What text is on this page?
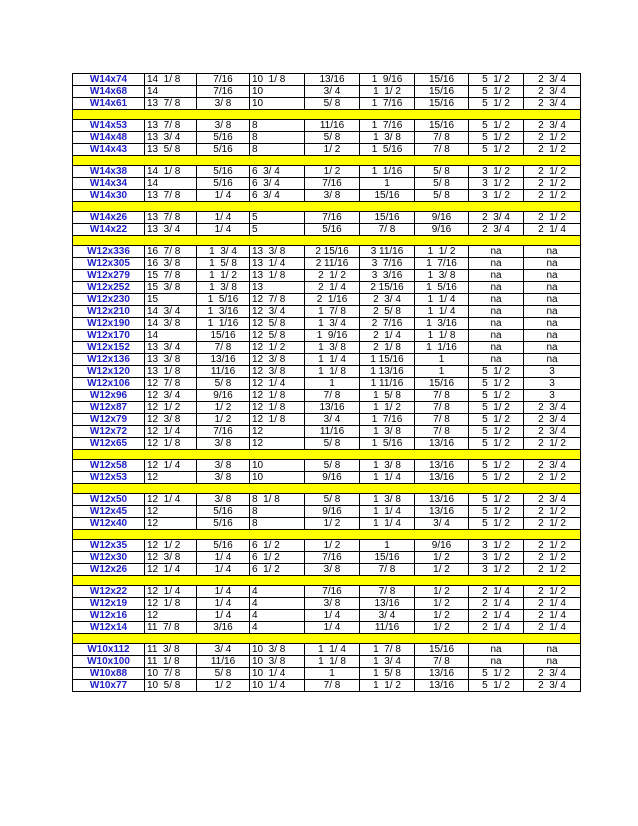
W14x74	14  1/ 8	7/16	10  1/ 8	13/16	1  9/16	15/16	5  1/ 2	2  3/ 4
W14x68	14	7/16	10	3/ 4	1  1/ 2	15/16	5  1/ 2	2  3/ 4
W14x61	13  7/ 8	3/ 8	10	5/ 8	1  7/16	15/16	5  1/ 2	2  3/ 4

W14x53	13  7/ 8	3/ 8	8	11/16	1  7/16	15/16	5  1/ 2	2  3/ 4
W14x48	13  3/ 4	5/16	8	5/ 8	1  3/ 8	7/ 8	5  1/ 2	2  1/ 2
W14x43	13  5/ 8	5/16	8	1/ 2	1  5/16	7/ 8	5  1/ 2	2  1/ 2

W14x38	14  1/ 8	5/16	6  3/ 4	1/ 2	1  1/16	5/ 8	3  1/ 2	2  1/ 2
W14x34	14	5/16	6  3/ 4	7/16	1	5/ 8	3  1/ 2	2  1/ 2
W14x30	13  7/ 8	1/ 4	6  3/ 4	3/ 8	15/16	5/ 8	3  1/ 2	2  1/ 2

W14x26	13  7/ 8	1/ 4	5	7/16	15/16	9/16	2  3/ 4	2  1/ 2
W14x22	13  3/ 4	1/ 4	5	5/16	7/ 8	9/16	2  3/ 4	2  1/ 4

W12x336	16  7/ 8	1  3/ 4	13  3/ 8	2 15/16	3 11/16	1  1/ 2	na	na
W12x305	16  3/ 8	1  5/ 8	13  1/ 4	2 11/16	3  7/16	1  7/16	na	na
W12x279	15  7/ 8	1  1/ 2	13  1/ 8	2  1/ 2	3  3/16	1  3/ 8	na	na
W12x252	15  3/ 8	1  3/ 8	13	2  1/ 4	2 15/16	1  5/16	na	na
W12x230	15	1  5/16	12  7/ 8	2  1/16	2  3/ 4	1  1/ 4	na	na
W12x210	14  3/ 4	1  3/16	12  3/ 4	1  7/ 8	2  5/ 8	1  1/ 4	na	na
W12x190	14  3/ 8	1  1/16	12  5/ 8	1  3/ 4	2  7/16	1  3/16	na	na
W12x170	14	15/16	12  5/ 8	1  9/16	2  1/ 4	1  1/ 8	na	na
W12x152	13  3/ 4	7/ 8	12  1/ 2	1  3/ 8	2  1/ 8	1  1/16	na	na
W12x136	13  3/ 8	13/16	12  3/ 8	1  1/ 4	1 15/16	1	na	na
W12x120	13  1/ 8	11/16	12  3/ 8	1  1/ 8	1 13/16	1	5  1/ 2	3
W12x106	12  7/ 8	5/ 8	12  1/ 4	1	1 11/16	15/16	5  1/ 2	3
W12x96	12  3/ 4	9/16	12  1/ 8	7/ 8	1  5/ 8	7/ 8	5  1/ 2	3
W12x87	12  1/ 2	1/ 2	12  1/ 8	13/16	1  1/ 2	7/ 8	5  1/ 2	2  3/ 4
W12x79	12  3/ 8	1/ 2	12  1/ 8	3/ 4	1  7/16	7/ 8	5  1/ 2	2  3/ 4
W12x72	12  1/ 4	7/16	12	11/16	1  3/ 8	7/ 8	5  1/ 2	2  3/ 4
W12x65	12  1/ 8	3/ 8	12	5/ 8	1  5/16	13/16	5  1/ 2	2  1/ 2

W12x58	12  1/ 4	3/ 8	10	5/ 8	1  3/ 8	13/16	5  1/ 2	2  3/ 4
W12x53	12	3/ 8	10	9/16	1  1/ 4	13/16	5  1/ 2	2  1/ 2

W12x50	12  1/ 4	3/ 8	8  1/ 8	5/ 8	1  3/ 8	13/16	5  1/ 2	2  3/ 4
W12x45	12	5/16	8	9/16	1  1/ 4	13/16	5  1/ 2	2  1/ 2
W12x40	12	5/16	8	1/ 2	1  1/ 4	3/ 4	5  1/ 2	2  1/ 2

W12x35	12  1/ 2	5/16	6  1/ 2	1/ 2	1	9/16	3  1/ 2	2  1/ 2
W12x30	12  3/ 8	1/ 4	6  1/ 2	7/16	15/16	1/ 2	3  1/ 2	2  1/ 2
W12x26	12  1/ 4	1/ 4	6  1/ 2	3/ 8	7/ 8	1/ 2	3  1/ 2	2  1/ 2

W12x22	12  1/ 4	1/ 4	4	7/16	7/ 8	1/ 2	2  1/ 4	2  1/ 2
W12x19	12  1/ 8	1/ 4	4	3/ 8	13/16	1/ 2	2  1/ 4	2  1/ 4
W12x16	12	1/ 4	4	1/ 4	3/ 4	1/ 2	2  1/ 4	2  1/ 4
W12x14	11  7/ 8	3/16	4	1/ 4	11/16	1/ 2	2  1/ 4	2  1/ 4

W10x112	11  3/ 8	3/ 4	10  3/ 8	1  1/ 4	1  7/ 8	15/16	na	na
W10x100	11  1/ 8	11/16	10  3/ 8	1  1/ 8	1  3/ 4	7/ 8	na	na
W10x88	10  7/ 8	5/ 8	10  1/ 4	1	1  5/ 8	13/16	5  1/ 2	2  3/ 4
W10x77	10  5/ 8	1/ 2	10  1/ 4	7/ 8	1  1/ 2	13/16	5  1/ 2	2  3/ 4
